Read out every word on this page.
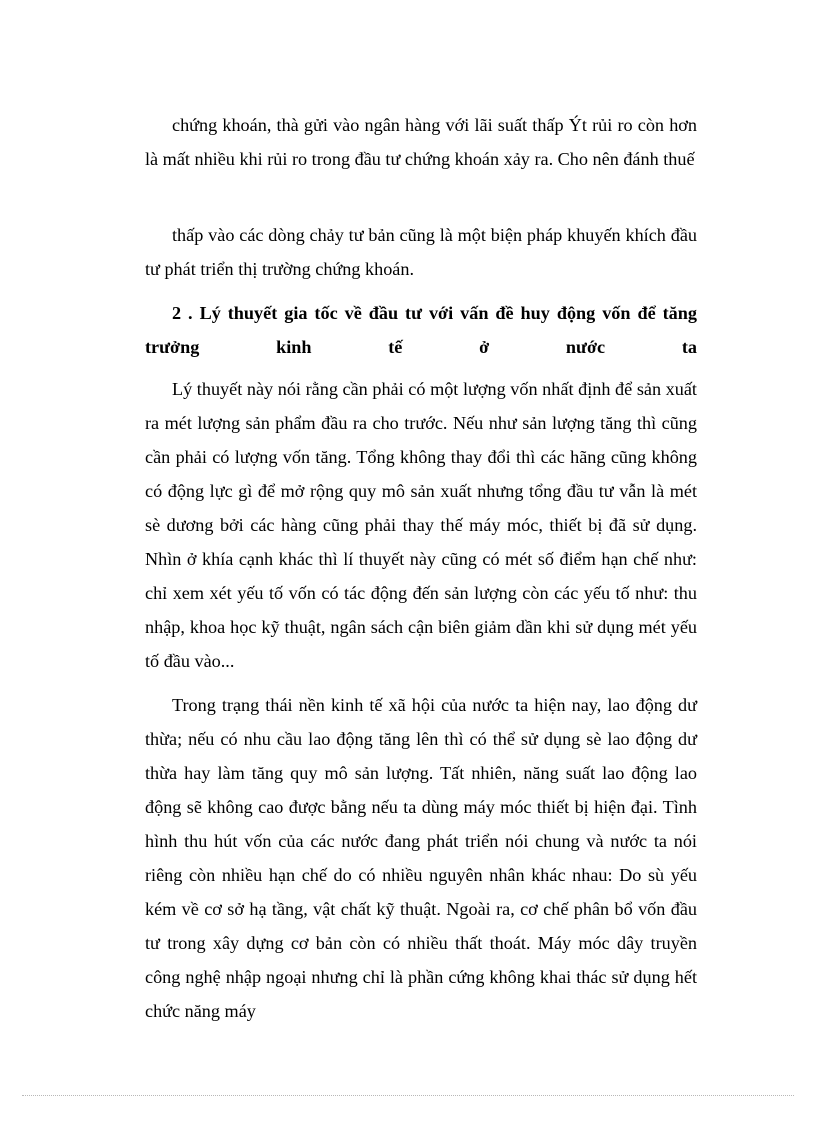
chứng khoán, thà gửi vào ngân hàng với lãi suất thấp Ýt rủi ro còn hơn là mất nhiều khi rủi ro trong đầu tư chứng khoán xảy ra. Cho nên đánh thuế

thấp vào các dòng chảy tư bản cũng là một biện pháp khuyến khích đầu tư phát triển thị trường chứng khoán.

2 . Lý thuyết gia tốc về đầu tư với vấn đề huy động vốn để tăng trưởng kinh tế ở nước ta

Lý thuyết này nói rằng cần phải có một lượng vốn nhất định để sản xuất ra mét lượng sản phẩm đầu ra cho trước. Nếu như sản lượng tăng thì cũng cần phải có lượng vốn tăng. Tổng không thay đổi thì các hãng cũng không có động lực gì để mở rộng quy mô sản xuất nhưng tổng đầu tư vẫn là mét sè dương bởi các hàng cũng phải thay thế máy móc, thiết bị đã sử dụng. Nhìn ở khía cạnh khác thì lí thuyết này cũng có mét số điểm hạn chế như: chỉ xem xét yếu tố vốn có tác động đến sản lượng còn các yếu tố như: thu nhập, khoa học kỹ thuật, ngân sách cận biên giảm dần khi sử dụng mét yếu tố đầu vào...

Trong trạng thái nền kinh tế xã hội của nước ta hiện nay, lao động dư thừa; nếu có nhu cầu lao động tăng lên thì có thể sử dụng sè lao động dư thừa hay làm tăng quy mô sản lượng. Tất nhiên, năng suất lao động lao động sẽ không cao được bằng nếu ta dùng máy móc thiết bị hiện đại. Tình hình thu hút vốn của các nước đang phát triển nói chung và nước ta nói riêng còn nhiều hạn chế do có nhiều nguyên nhân khác nhau: Do sù yếu kém về cơ sở hạ tầng, vật chất kỹ thuật. Ngoài ra, cơ chế phân bổ vốn đầu tư trong xây dựng cơ bản còn có nhiều thất thoát. Máy móc dây truyền công nghệ nhập ngoại nhưng chỉ là phần cứng không khai thác sử dụng hết chức năng máy
